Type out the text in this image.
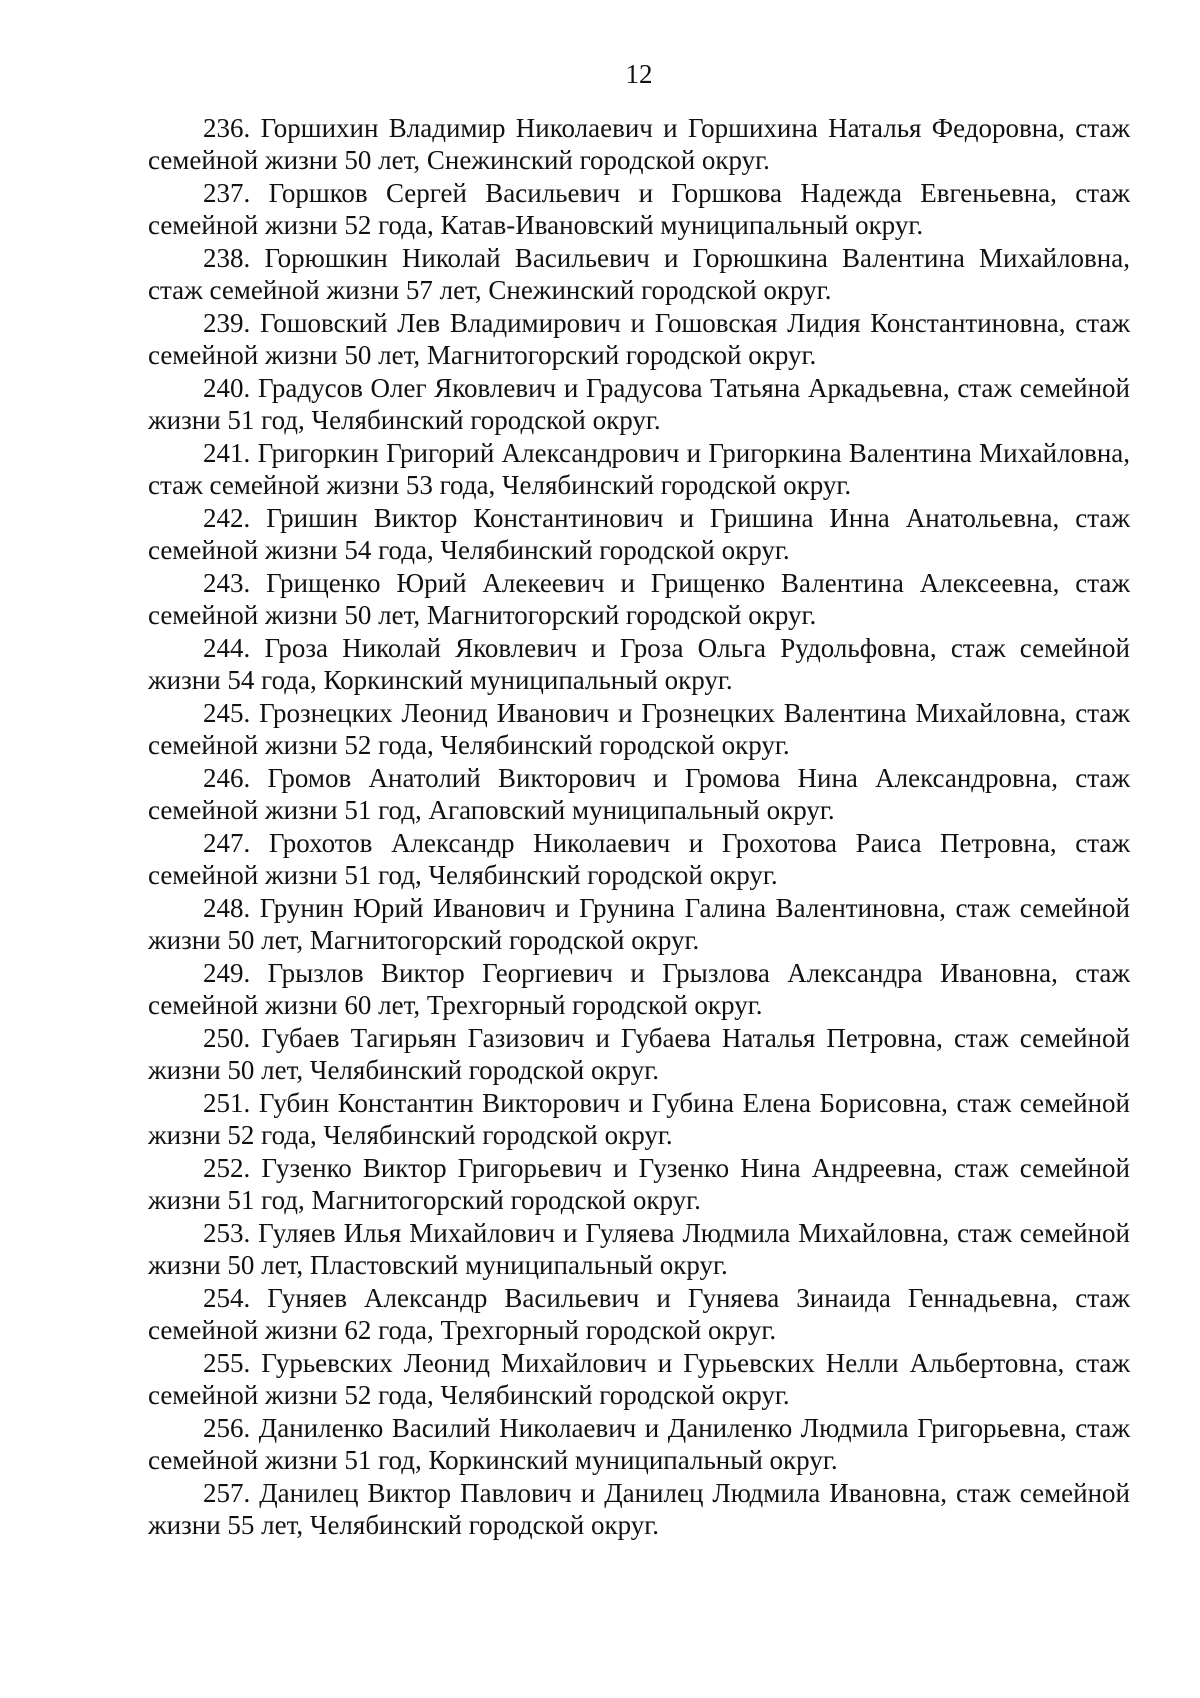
12

236. Горшихин Владимир Николаевич и Горшихина Наталья Федоровна, стаж семейной жизни 50 лет, Снежинский городской округ.

237. Горшков Сергей Васильевич и Горшкова Надежда Евгеньевна, стаж семейной жизни 52 года, Катав-Ивановский муниципальный округ.

238. Горюшкин Николай Васильевич и Горюшкина Валентина Михайловна, стаж семейной жизни 57 лет, Снежинский городской округ.

239. Гошовский Лев Владимирович и Гошовская Лидия Константиновна, стаж семейной жизни 50 лет, Магнитогорский городской округ.

240. Градусов Олег Яковлевич и Градусова Татьяна Аркадьевна, стаж семейной жизни 51 год, Челябинский городской округ.

241. Григоркин Григорий Александрович и Григоркина Валентина Михайловна, стаж семейной жизни 53 года, Челябинский городской округ.

242. Гришин Виктор Константинович и Гришина Инна Анатольевна, стаж семейной жизни 54 года, Челябинский городской округ.

243. Грищенко Юрий Алекеевич и Грищенко Валентина Алексеевна, стаж семейной жизни 50 лет, Магнитогорский городской округ.

244. Гроза Николай Яковлевич и Гроза Ольга Рудольфовна, стаж семейной жизни 54 года, Коркинский муниципальный округ.

245. Грознецких Леонид Иванович и Грознецких Валентина Михайловна, стаж семейной жизни 52 года, Челябинский городской округ.

246. Громов Анатолий Викторович и Громова Нина Александровна, стаж семейной жизни 51 год, Агаповский муниципальный округ.

247. Грохотов Александр Николаевич и Грохотова Раиса Петровна, стаж семейной жизни 51 год, Челябинский городской округ.

248. Грунин Юрий Иванович и Грунина Галина Валентиновна, стаж семейной жизни 50 лет, Магнитогорский городской округ.

249. Грызлов Виктор Георгиевич и Грызлова Александра Ивановна, стаж семейной жизни 60 лет, Трехгорный городской округ.

250. Губаев Тагирьян Газизович и Губаева Наталья Петровна, стаж семейной жизни 50 лет, Челябинский городской округ.

251. Губин Константин Викторович и Губина Елена Борисовна, стаж семейной жизни 52 года, Челябинский городской округ.

252. Гузенко Виктор Григорьевич и Гузенко Нина Андреевна, стаж семейной жизни 51 год, Магнитогорский городской округ.

253. Гуляев Илья Михайлович и Гуляева Людмила Михайловна, стаж семейной жизни 50 лет, Пластовский муниципальный округ.

254. Гуняев Александр Васильевич и Гуняева Зинаида Геннадьевна, стаж семейной жизни 62 года, Трехгорный городской округ.

255. Гурьевских Леонид Михайлович и Гурьевских Нелли Альбертовна, стаж семейной жизни 52 года, Челябинский городской округ.

256. Даниленко Василий Николаевич и Даниленко Людмила Григорьевна, стаж семейной жизни 51 год, Коркинский муниципальный округ.

257. Данилец Виктор Павлович и Данилец Людмила Ивановна, стаж семейной жизни 55 лет, Челябинский городской округ.
